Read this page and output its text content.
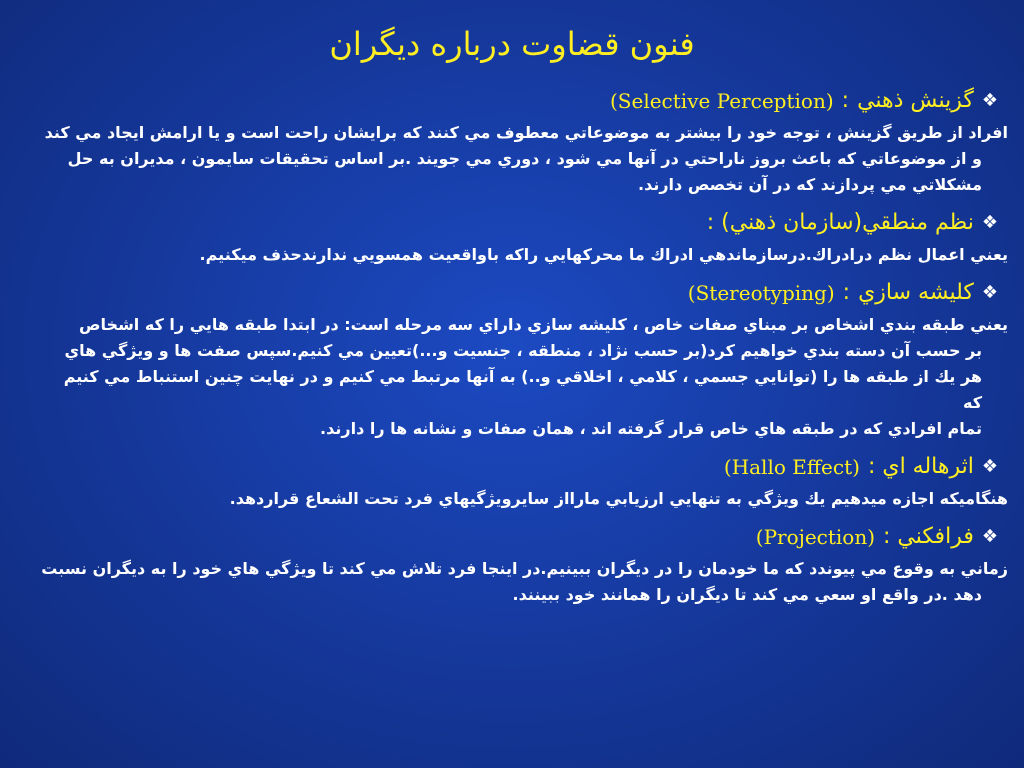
فنون قضاوت درباره ديگران
❖
گزينش ذهني
:
(Selective Perception)
افراد از طريق گزينش ، توجه خود را بيشتر به موضوعاتي معطوف مي كنند كه برايشان راحت است و يا ارامش ايجاد مي كند
و از موضوعاتي كه باعث بروز ناراحتي در آنها مي شود ، دوري مي جويند .بر اساس تحقيقات سايمون ، مديران به حل
مشكلاتي مي پردازند كه در آن تخصص دارند.
❖
نظم منطقي(سازمان ذهني) :
يعني اعمال نظم درادراك.درسازماندهي ادراك ما محركهايي راكه باواقعيت همسويي ندارندحذف ميكنيم.
❖
كليشه سازي
:
(Stereotyping)
يعني طبقه بندي اشخاص بر مبناي صفات خاص ، كليشه سازي داراي سه مرحله است: در ابتدا طبقه هايي را كه اشخاص
بر حسب آن دسته بندي خواهيم كرد(بر حسب نژاد ، منطقه ، جنسيت و...)تعيين مي كنيم.سپس صفت ها و ويژگي هاي
هر يك از طبقه ها را (توانايي جسمي ، كلامي ، اخلاقي و..) به آنها مرتبط مي كنيم و در نهايت چنين استنباط مي كنيم كه
تمام افرادي كه در طبقه هاي خاص قرار گرفته اند ، همان صفات و نشانه ها را دارند.
❖
اثرهاله اي :
(Hallo Effect)
هنگاميكه اجازه ميدهيم يك ويژگي به تنهايي ارزيابي مارااز سايرويژگيهاي فرد تحت الشعاع قراردهد.
❖
فرافكني :
(Projection)
زماني به وقوع مي پيوندد كه ما خودمان را در ديگران ببينيم.در اينجا فرد تلاش مي كند تا ويژگي هاي خود را به ديگران نسبت
دهد .در واقع او سعي مي كند تا ديگران را همانند خود ببينند.
